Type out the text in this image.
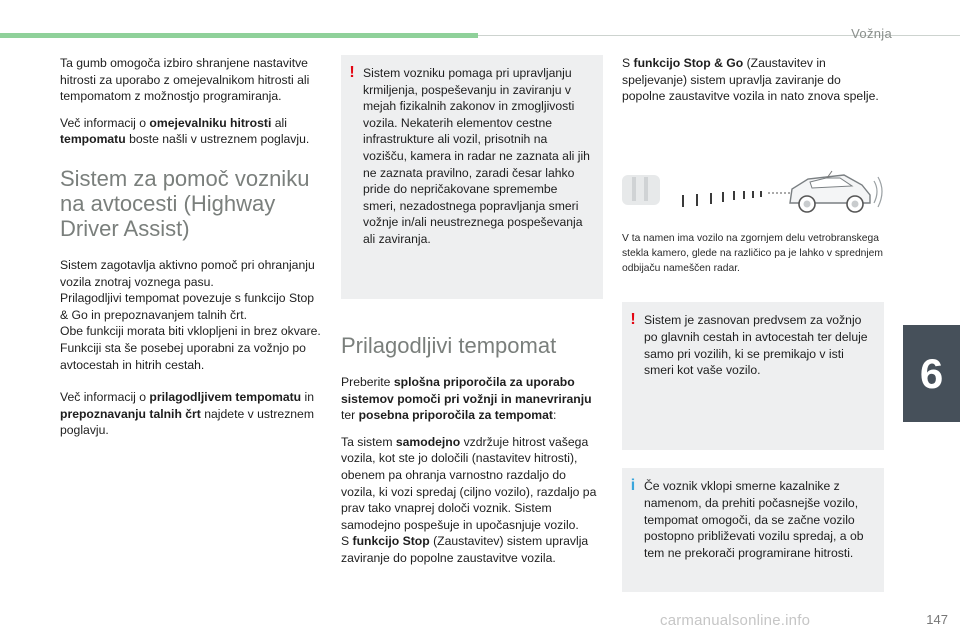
Vožnja
6

Ta gumb omogoča izbiro shranjene nastavitve hitrosti za uporabo z omejevalnikom hitrosti ali tempomatom z možnostjo programiranja.

Več informacij o omejevalniku hitrosti ali tempomatu boste našli v ustreznem poglavju.

Sistem za pomoč vozniku na avtocesti (Highway Driver Assist)

Sistem zagotavlja aktivno pomoč pri ohranjanju vozila znotraj voznega pasu.
Prilagodljivi tempomat povezuje s funkcijo Stop & Go in prepoznavanjem talnih črt.
Obe funkciji morata biti vklopljeni in brez okvare.
Funkciji sta še posebej uporabni za vožnjo po avtocestah in hitrih cestah.

Več informacij o prilagodljivem tempomatu in prepoznavanju talnih črt najdete v ustreznem poglavju.

! Sistem vozniku pomaga pri upravljanju krmiljenja, pospeševanju in zaviranju v mejah fizikalnih zakonov in zmogljivosti vozila. Nekaterih elementov cestne infrastrukture ali vozil, prisotnih na vozišču, kamera in radar ne zaznata ali jih ne zaznata pravilno, zaradi česar lahko pride do nepričakovane spremembe smeri, nezadostnega popravljanja smeri vožnje in/ali neustreznega pospeševanja ali zaviranja.
Prilagodljivi tempomat

Preberite splošna priporočila za uporabo sistemov pomoči pri vožnji in manevriranju ter posebna priporočila za tempomat:

Ta sistem samodejno vzdržuje hitrost vašega vozila, kot ste jo določili (nastavitev hitrosti), obenem pa ohranja varnostno razdaljo do vozila, ki vozi spredaj (ciljno vozilo), razdaljo pa prav tako vnaprej določi voznik. Sistem samodejno pospešuje in upočasnjuje vozilo.
S funkcijo Stop (Zaustavitev) sistem upravlja zaviranje do popolne zaustavitve vozila.

S funkcijo Stop & Go (Zaustavitev in speljevanje) sistem upravlja zaviranje do popolne zaustavitve vozila in nato znova spelje.

V ta namen ima vozilo na zgornjem delu vetrobranskega stekla kamero, glede na različico pa je lahko v sprednjem odbijaču nameščen radar.

! Sistem je zasnovan predvsem za vožnjo po glavnih cestah in avtocestah ter deluje samo pri vozilih, ki se premikajo v isti smeri kot vaše vozilo.
i Če voznik vklopi smerne kazalnike z namenom, da prehiti počasnejše vozilo, tempomat omogoči, da se začne vozilo postopno približevati vozilu spredaj, a ob tem ne prekorači programirane hitrosti.
carmanualsonline.info	147
